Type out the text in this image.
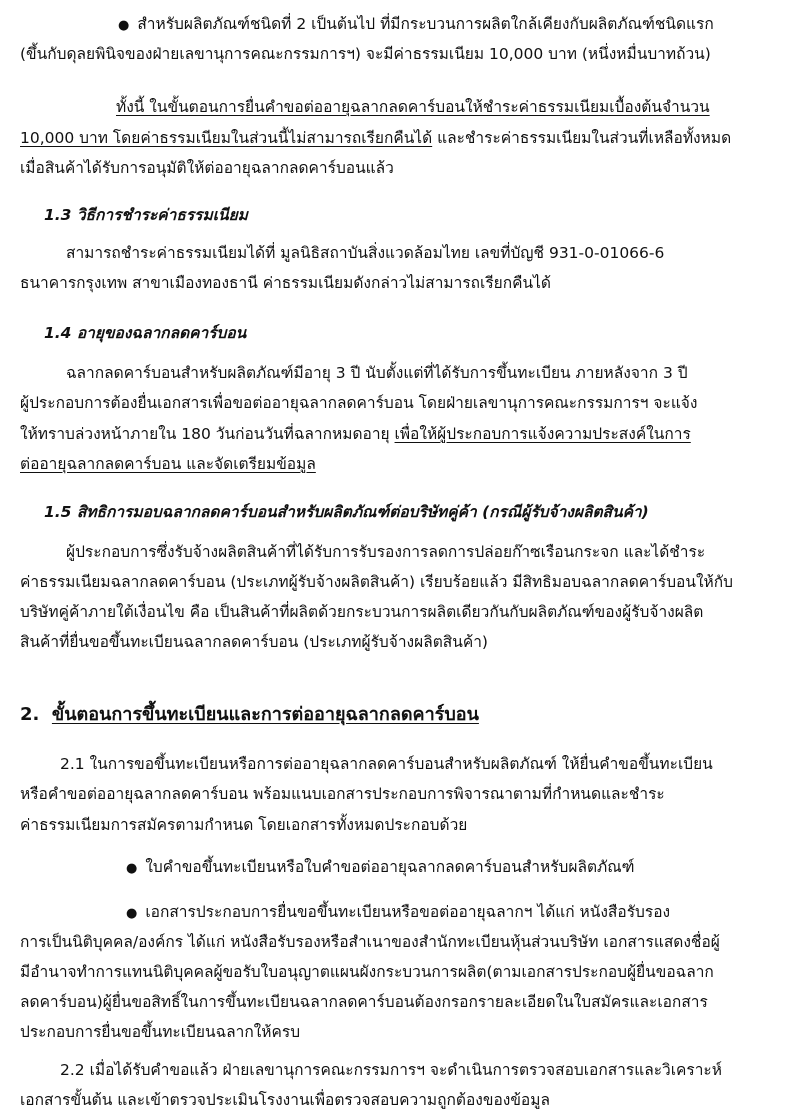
● สำหรับผลิตภัณฑ์ชนิดที่ 2 เป็นต้นไป ที่มีกระบวนการผลิตใกล้เคียงกับผลิตภัณฑ์ชนิดแรก
(ขึ้นกับดุลยพินิจของฝ่ายเลขานุการคณะกรรมการฯ) จะมีค่าธรรมเนียม 10,000 บาท (หนึ่งหมื่นบาทถ้วน)
ทั้งนี้ ในขั้นตอนการยื่นคำขอต่ออายุฉลากลดคาร์บอนให้ชำระค่าธรรมเนียมเบื้องต้นจำนวน
10,000 บาท โดยค่าธรรมเนียมในส่วนนี้ไม่สามารถเรียกคืนได้ และชำระค่าธรรมเนียมในส่วนที่เหลือทั้งหมด
เมื่อสินค้าได้รับการอนุมัติให้ต่ออายุฉลากลดคาร์บอนแล้ว
1.3 วิธีการชำระค่าธรรมเนียม
สามารถชำระค่าธรรมเนียมได้ที่ มูลนิธิสถาบันสิ่งแวดล้อมไทย เลขที่บัญชี 931-0-01066-6
ธนาคารกรุงเทพ สาขาเมืองทองธานี ค่าธรรมเนียมดังกล่าวไม่สามารถเรียกคืนได้
1.4 อายุของฉลากลดคาร์บอน
ฉลากลดคาร์บอนสำหรับผลิตภัณฑ์มีอายุ 3 ปี นับตั้งแต่ที่ได้รับการขึ้นทะเบียน ภายหลังจาก 3 ปี
ผู้ประกอบการต้องยื่นเอกสารเพื่อขอต่ออายุฉลากลดคาร์บอน โดยฝ่ายเลขานุการคณะกรรมการฯ จะแจ้ง
ให้ทราบล่วงหน้าภายใน 180 วันก่อนวันที่ฉลากหมดอายุ เพื่อให้ผู้ประกอบการแจ้งความประสงค์ในการ
ต่ออายุฉลากลดคาร์บอน และจัดเตรียมข้อมูล
1.5 สิทธิการมอบฉลากลดคาร์บอนสำหรับผลิตภัณฑ์ต่อบริษัทคู่ค้า (กรณีผู้รับจ้างผลิตสินค้า)
ผู้ประกอบการซึ่งรับจ้างผลิตสินค้าที่ได้รับการรับรองการลดการปล่อยก๊าซเรือนกระจก และได้ชำระ
ค่าธรรมเนียมฉลากลดคาร์บอน (ประเภทผู้รับจ้างผลิตสินค้า) เรียบร้อยแล้ว มีสิทธิมอบฉลากลดคาร์บอนให้กับ
บริษัทคู่ค้าภายใต้เงื่อนไข คือ เป็นสินค้าที่ผลิตด้วยกระบวนการผลิตเดียวกันกับผลิตภัณฑ์ของผู้รับจ้างผลิต
สินค้าที่ยื่นขอขึ้นทะเบียนฉลากลดคาร์บอน (ประเภทผู้รับจ้างผลิตสินค้า)
2. ขั้นตอนการขึ้นทะเบียนและการต่ออายุฉลากลดคาร์บอน
2.1 ในการขอขึ้นทะเบียนหรือการต่ออายุฉลากลดคาร์บอนสำหรับผลิตภัณฑ์ ให้ยื่นคำขอขึ้นทะเบียน
หรือคำขอต่ออายุฉลากลดคาร์บอน พร้อมแนบเอกสารประกอบการพิจารณาตามที่กำหนดและชำระ
ค่าธรรมเนียมการสมัครตามกำหนด โดยเอกสารทั้งหมดประกอบด้วย
● ใบคำขอขึ้นทะเบียนหรือใบคำขอต่ออายุฉลากลดคาร์บอนสำหรับผลิตภัณฑ์
● เอกสารประกอบการยื่นขอขึ้นทะเบียนหรือขอต่ออายุฉลากฯ ได้แก่ หนังสือรับรอง
การเป็นนิติบุคคล/องค์กร ได้แก่ หนังสือรับรองหรือสำเนาของสำนักทะเบียนหุ้นส่วนบริษัท เอกสารแสดงชื่อผู้
มีอำนาจทำการแทนนิติบุคคลผู้ขอรับใบอนุญาตแผนผังกระบวนการผลิต(ตามเอกสารประกอบผู้ยื่นขอฉลาก
ลดคาร์บอน)ผู้ยื่นขอสิทธิ์ในการขึ้นทะเบียนฉลากลดคาร์บอนต้องกรอกรายละเอียดในใบสมัครและเอกสาร
ประกอบการยื่นขอขึ้นทะเบียนฉลากให้ครบ
2.2 เมื่อได้รับคำขอแล้ว ฝ่ายเลขานุการคณะกรรมการฯ จะดำเนินการตรวจสอบเอกสารและวิเคราะห์
เอกสารขั้นต้น และเข้าตรวจประเมินโรงงานเพื่อตรวจสอบความถูกต้องของข้อมูล
